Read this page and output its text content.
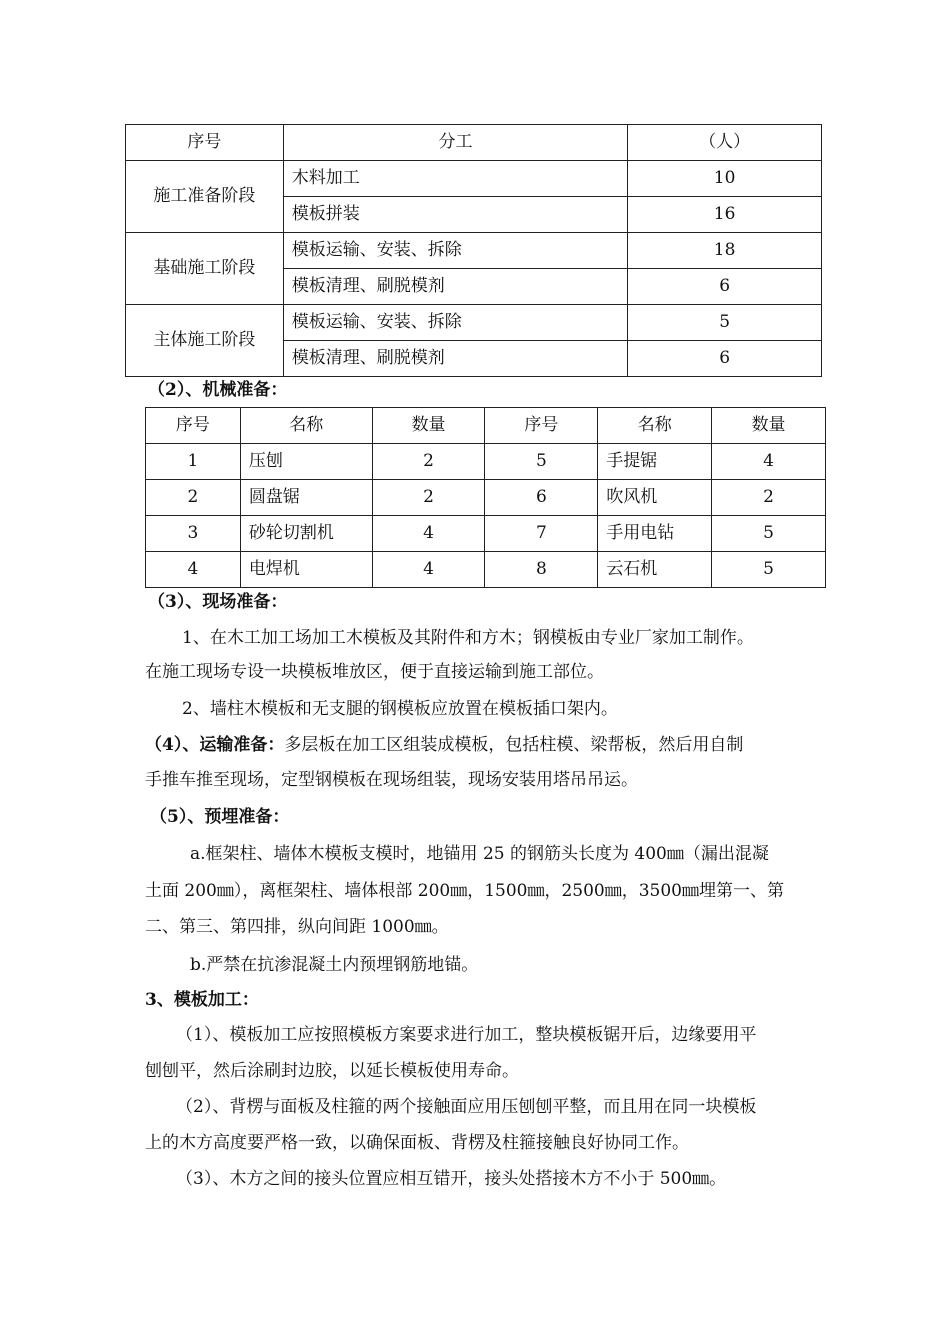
序号	分工	（人）
施工准备阶段	木料加工	10
	模板拼装	16
基础施工阶段	模板运输、安装、拆除	18
	模板清理、刷脱模剂	6
主体施工阶段	模板运输、安装、拆除	5
	模板清理、刷脱模剂	6
（2）、机械准备：
序号	名称	数量	序号	名称	数量
1	压刨	2	5	手提锯	4
2	圆盘锯	2	6	吹风机	2
3	砂轮切割机	4	7	手用电钻	5
4	电焊机	4	8	云石机	5
（3）、现场准备：
1、在木工加工场加工木模板及其附件和方木；钢模板由专业厂家加工制作。
在施工现场专设一块模板堆放区，便于直接运输到施工部位。
2、墙柱木模板和无支腿的钢模板应放置在模板插口架内。
（4）、运输准备：多层板在加工区组装成模板，包括柱模、梁帮板，然后用自制
手推车推至现场，定型钢模板在现场组装，现场安装用塔吊吊运。
（5）、预埋准备：
a.框架柱、墙体木模板支模时，地锚用 25 的钢筋头长度为 400㎜（漏出混凝
土面 200㎜），离框架柱、墙体根部 200㎜，1500㎜，2500㎜，3500㎜埋第一、第
二、第三、第四排，纵向间距 1000㎜。
b.严禁在抗渗混凝土内预埋钢筋地锚。
3、模板加工：
（1）、模板加工应按照模板方案要求进行加工，整块模板锯开后，边缘要用平
刨刨平，然后涂刷封边胶，以延长模板使用寿命。
（2）、背楞与面板及柱箍的两个接触面应用压刨刨平整，而且用在同一块模板
上的木方高度要严格一致，以确保面板、背楞及柱箍接触良好协同工作。
（3）、木方之间的接头位置应相互错开，接头处搭接木方不小于 500㎜。
